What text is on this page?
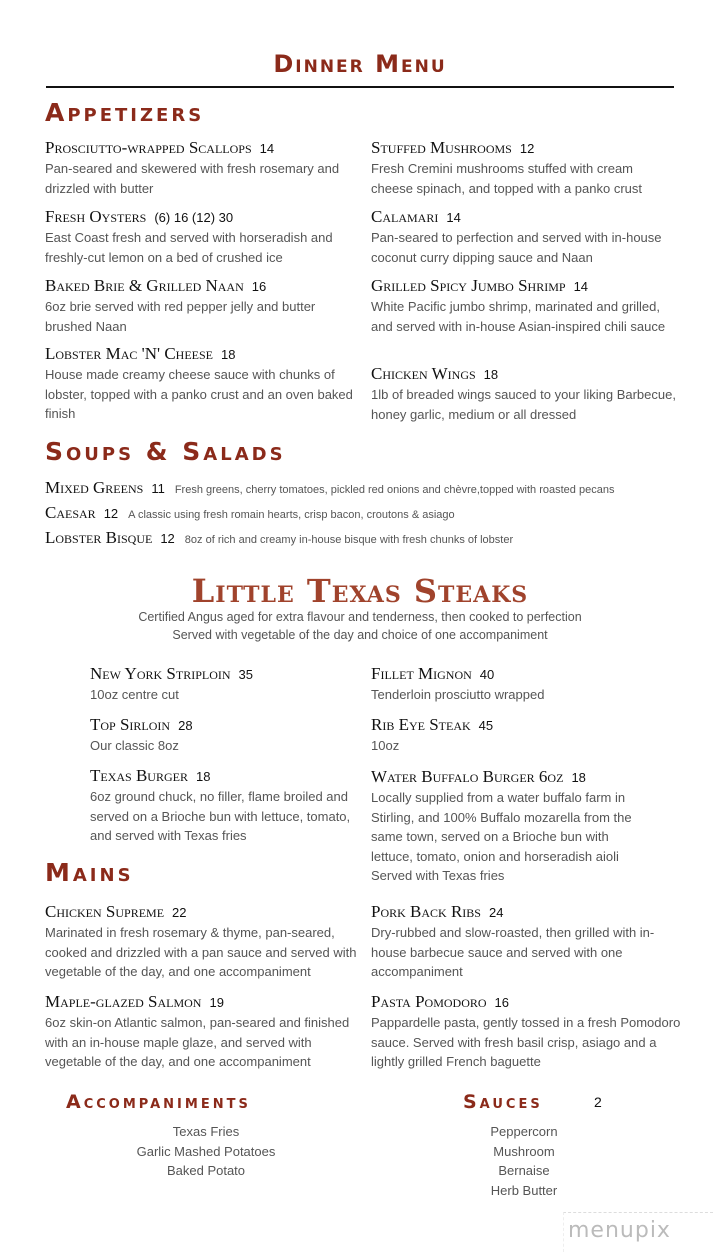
Dinner Menu
Appetizers
Prosciutto-wrapped Scallops 14
Pan-seared and skewered with fresh rosemary and drizzled with butter
Fresh Oysters (6) 16 (12) 30
East Coast fresh and served with horseradish and freshly-cut lemon on a bed of crushed ice
Baked Brie & Grilled Naan 16
6oz brie served with red pepper jelly and butter brushed Naan
Lobster Mac 'N' Cheese 18
House made creamy cheese sauce with chunks of lobster, topped with a panko crust and an oven baked finish
Stuffed Mushrooms 12
Fresh Cremini mushrooms stuffed with cream cheese spinach, and topped with a panko crust
Calamari 14
Pan-seared to perfection and served with in-house coconut curry dipping sauce and Naan
Grilled Spicy Jumbo Shrimp 14
White Pacific jumbo shrimp, marinated and grilled, and served with in-house Asian-inspired chili sauce
Chicken Wings 18
1lb of breaded wings sauced to your liking Barbecue, honey garlic, medium or all dressed
Soups & Salads
Mixed Greens 11 Fresh greens, cherry tomatoes, pickled red onions and chèvre,topped with roasted pecans
Caesar 12 A classic using fresh romain hearts, crisp bacon, croutons & asiago
Lobster Bisque 12 8oz of rich and creamy in-house bisque with fresh chunks of lobster
Little Texas Steaks
Certified Angus aged for extra flavour and tenderness, then cooked to perfection
Served with vegetable of the day and choice of one accompaniment
New York Striploin 35
10oz centre cut
Top Sirloin 28
Our classic 8oz
Texas Burger 18
6oz ground chuck, no filler, flame broiled and served on a Brioche bun with lettuce, tomato, and served with Texas fries
Fillet Mignon 40
Tenderloin prosciutto wrapped
Rib Eye Steak 45
10oz
Water Buffalo Burger 6oz 18
Locally supplied from a water buffalo farm in Stirling, and 100% Buffalo mozarella from the same town, served on a Brioche bun with lettuce, tomato, onion and horseradish aioli Served with Texas fries
Mains
Chicken Supreme 22
Marinated in fresh rosemary & thyme, pan-seared, cooked and drizzled with a pan sauce and served with vegetable of the day, and one accompaniment
Maple-glazed Salmon 19
6oz skin-on Atlantic salmon, pan-seared and finished with an in-house maple glaze, and served with vegetable of the day, and one accompaniment
Pork Back Ribs 24
Dry-rubbed and slow-roasted, then grilled with in-house barbecue sauce and served with one accompaniment
Pasta Pomodoro 16
Pappardelle pasta, gently tossed in a fresh Pomodoro sauce. Served with fresh basil crisp, asiago and a lightly grilled French baguette
Accompaniments
Texas Fries
Garlic Mashed Potatoes
Baked Potato
Sauces	2
Peppercorn
Mushroom
Bernaise
Herb Butter
menupix
